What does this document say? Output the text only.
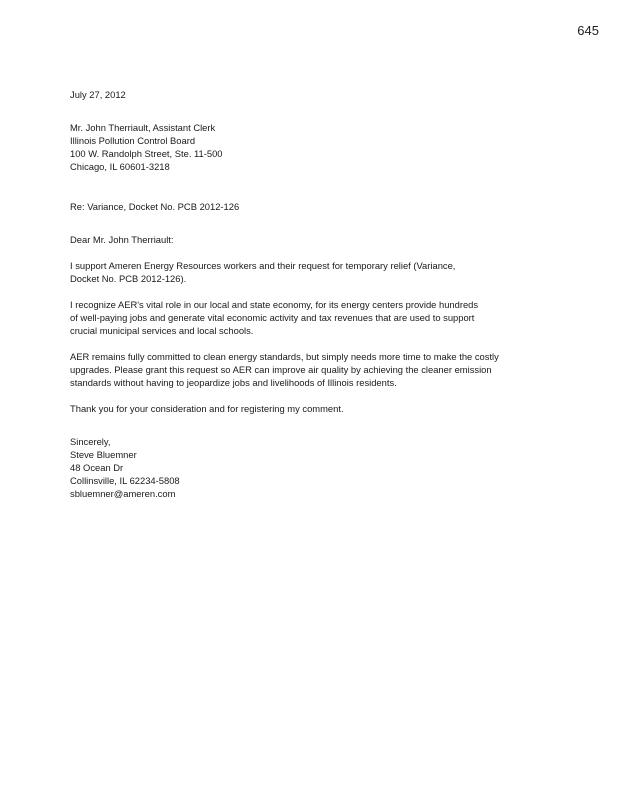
645
July 27, 2012
Mr. John Therriault, Assistant Clerk
Illinois Pollution Control Board
100 W. Randolph Street, Ste. 11-500
Chicago, IL 60601-3218
Re: Variance, Docket No. PCB 2012-126
Dear Mr. John Therriault:
I support Ameren Energy Resources workers and their request for temporary relief (Variance, Docket No. PCB 2012-126).
I recognize AER's vital role in our local and state economy, for its energy centers provide hundreds of well-paying jobs and generate vital economic activity and tax revenues that are used to support crucial municipal services and local schools.
AER remains fully committed to clean energy standards, but simply needs more time to make the costly upgrades. Please grant this request so AER can improve air quality by achieving the cleaner emission standards without having to jeopardize jobs and livelihoods of Illinois residents.
Thank you for your consideration and for registering my comment.
Sincerely,
Steve Bluemner
48 Ocean Dr
Collinsville, IL 62234-5808
sbluemner@ameren.com
